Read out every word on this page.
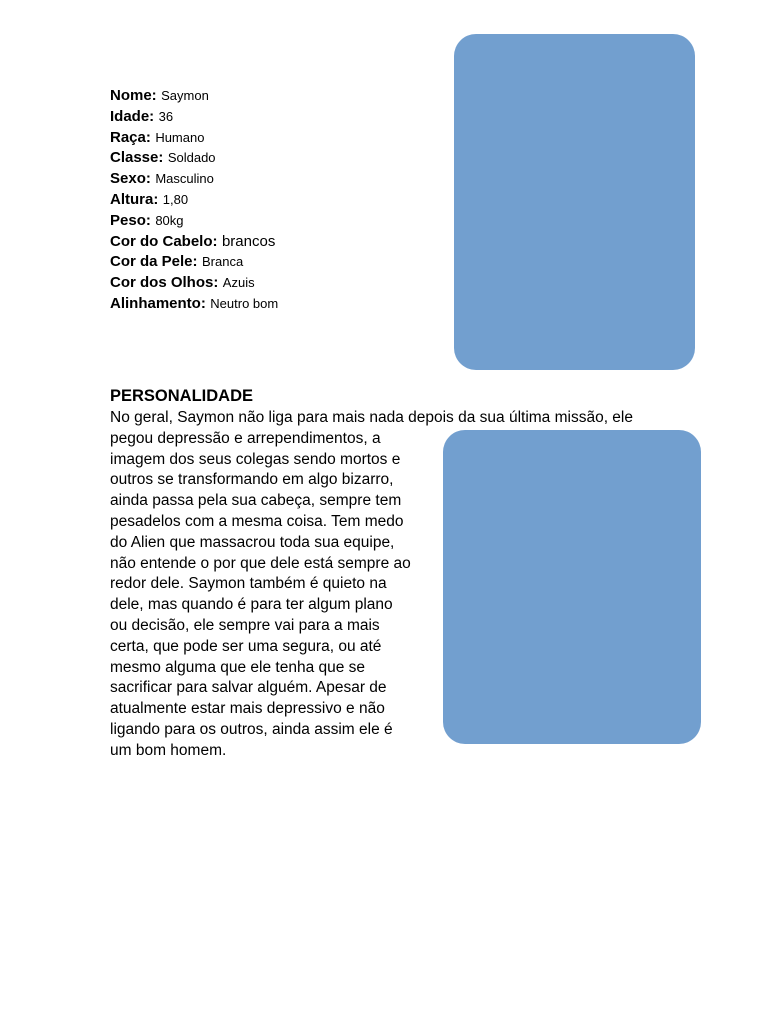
Nome: Saymon
Idade: 36
Raça: Humano
Classe: Soldado
Sexo: Masculino
Altura: 1,80
Peso: 80kg
Cor do Cabelo: brancos
Cor da Pele: Branca
Cor dos Olhos: Azuis
Alinhamento: Neutro bom
PERSONALIDADE

No geral, Saymon não liga para mais nada depois da sua última missão, ele
pegou depressão e arrependimentos, a
imagem dos seus colegas sendo mortos e
outros se transformando em algo bizarro,
ainda passa pela sua cabeça, sempre tem
pesadelos com a mesma coisa. Tem medo
do Alien que massacrou toda sua equipe,
não entende o por que dele está sempre ao
redor dele. Saymon também é quieto na
dele, mas quando é para ter algum plano
ou decisão, ele sempre vai para a mais
certa, que pode ser uma segura, ou até
mesmo alguma que ele tenha que se
sacrificar para salvar alguém. Apesar de
atualmente estar mais depressivo e não
ligando para os outros, ainda assim ele é
um bom homem.
